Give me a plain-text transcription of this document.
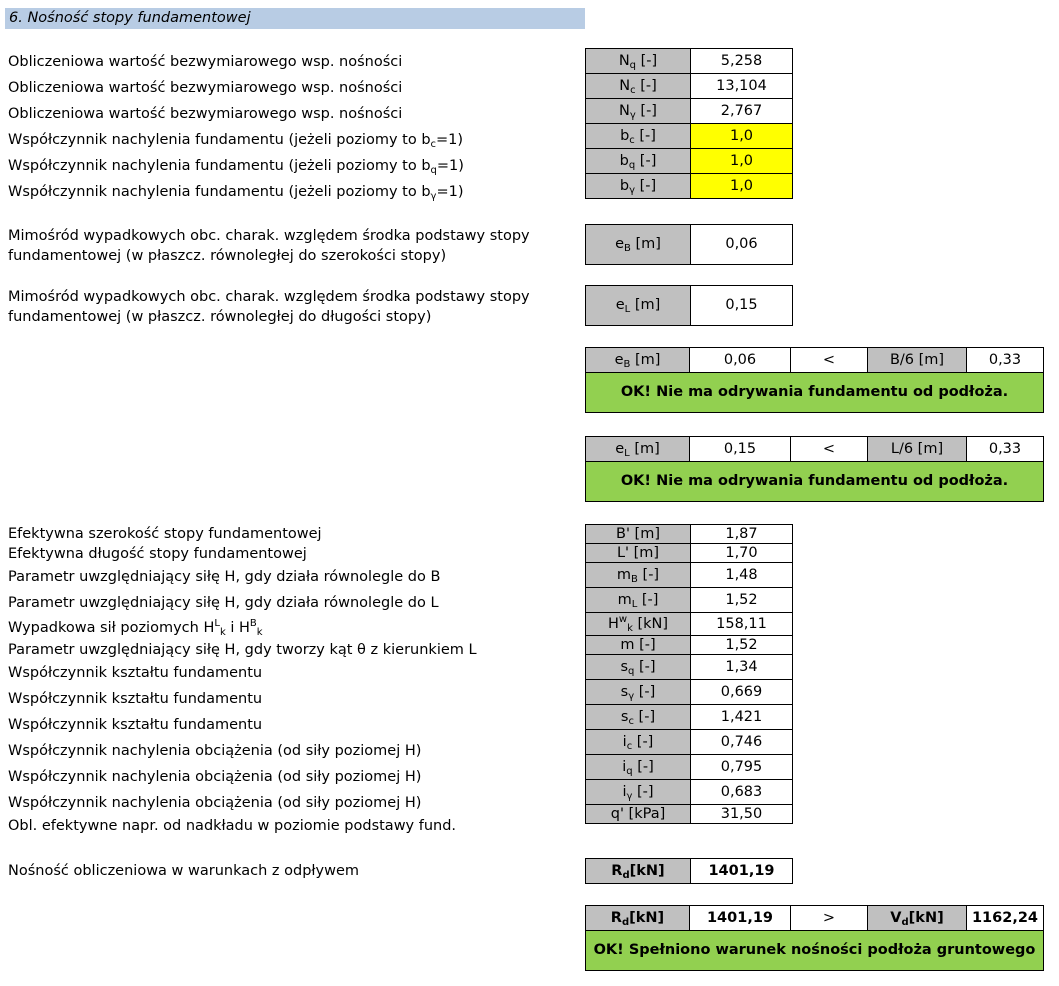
6. Nośność stopy fundamentowej
Obliczeniowa wartość bezwymiarowego wsp. nośności
Obliczeniowa wartość bezwymiarowego wsp. nośności
Obliczeniowa wartość bezwymiarowego wsp. nośności
Współczynnik nachylenia fundamentu (jeżeli poziomy to $b_c=1$)
Współczynnik nachylenia fundamentu (jeżeli poziomy to $b_q=1$)
Współczynnik nachylenia fundamentu (jeżeli poziomy to $b_\gamma=1$)
$N_q$ [-]	5,258
$N_c$ [-]	13,104
$N_\gamma$ [-]	2,767
$b_c$ [-]	1,0
$b_q$ [-]	1,0
$b_\gamma$ [-]	1,0
Mimośród wypadkowych obc. charak. względem środka podstawy stopy fundamentowej (w płaszcz. równoległej do szerokości stopy)
$e_B$ [m]	0,06
Mimośród wypadkowych obc. charak. względem środka podstawy stopy fundamentowej (w płaszcz. równoległej do długości stopy)
$e_L$ [m]	0,15
$e_B$ [m]	0,06	<	B/6 [m]	0,33
OK! Nie ma odrywania fundamentu od podłoża.
$e_L$ [m]	0,15	<	L/6 [m]	0,33
OK! Nie ma odrywania fundamentu od podłoża.
Efektywna szerokość stopy fundamentowej
Efektywna długość stopy fundamentowej
Parametr uwzględniający siłę H, gdy działa równolegle do B
Parametr uwzględniający siłę H, gdy działa równolegle do L
Wypadkowa sił poziomych $H^L_k$ i $H^B_k$
Parametr uwzględniający siłę H, gdy tworzy kąt θ z kierunkiem L
Współczynnik kształtu fundamentu
Współczynnik kształtu fundamentu
Współczynnik kształtu fundamentu
Współczynnik nachylenia obciążenia (od siły poziomej H)
Współczynnik nachylenia obciążenia (od siły poziomej H)
Współczynnik nachylenia obciążenia (od siły poziomej H)
Obl. efektywne napr. od nadkładu w poziomie podstawy fund.
B' [m]	1,87
L' [m]	1,70
$m_B$ [-]	1,48
$m_L$ [-]	1,52
$H^w_k$ [kN]	158,11
m [-]	1,52
$s_q$ [-]	1,34
$s_\gamma$ [-]	0,669
$s_c$ [-]	1,421
$i_c$ [-]	0,746
$i_q$ [-]	0,795
$i_\gamma$ [-]	0,683
q' [kPa]	31,50
Nośność obliczeniowa w warunkach z odpływem	$R_d[kN]$	1401,19
$R_d[kN]$	1401,19	>	$V_d[kN]$	1162,24
OK! Spełniono warunek nośności podłoża gruntowego
